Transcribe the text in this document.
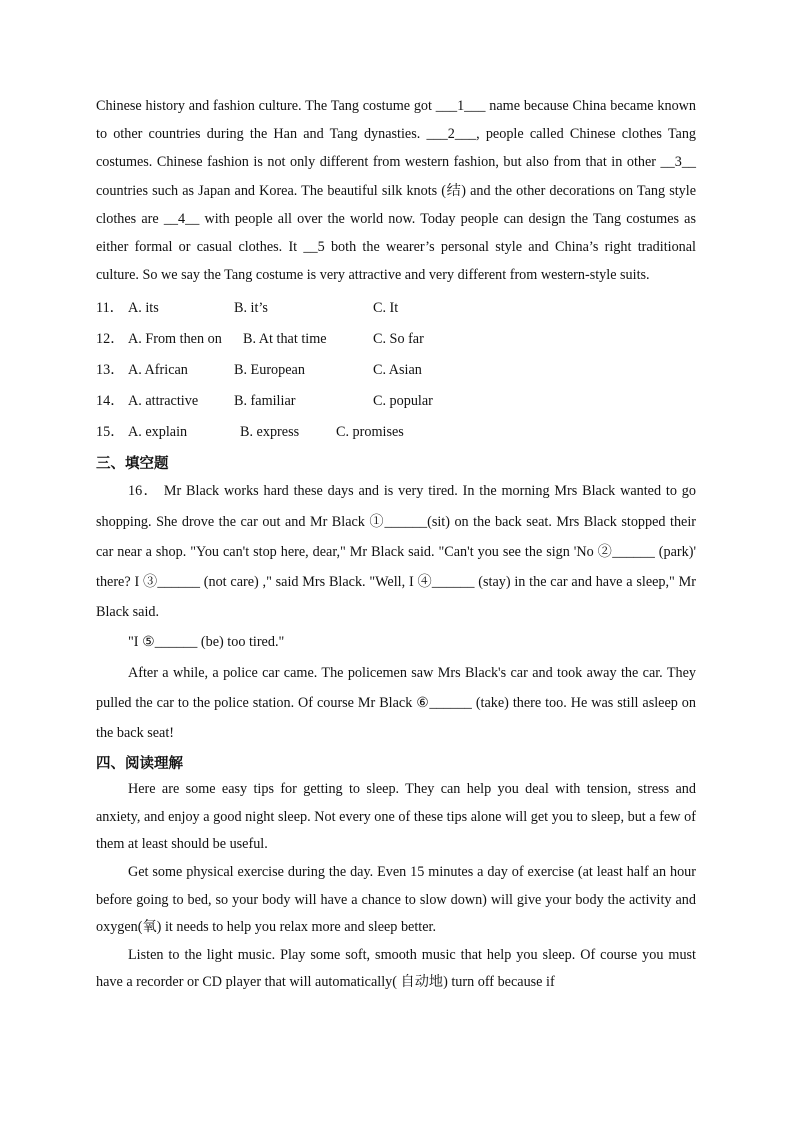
Chinese history and fashion culture. The Tang costume got ___1___ name because China became known to other countries during the Han and Tang dynasties. ___2___, people called Chinese clothes Tang costumes. Chinese fashion is not only different from western fashion, but also from that in other __3__ countries such as Japan and Korea. The beautiful silk knots (结) and the other decorations on Tang style clothes are __4__ with people all over the world now. Today people can design the Tang costumes as either formal or casual clothes. It __5 both the wearer’s personal style and China’s right traditional culture. So we say the Tang costume is very attractive and very different from western-style suits.

11． A. its	B. it’s	C. It
12． A. From then on B. At that time	C. So far
13． A. African	B. European	C. Asian
14． A. attractive	B. familiar	C. popular
15． A. explain	B. express	C. promises
三、填空题

16． Mr Black works hard these days and is very tired. In the morning Mrs Black wanted to go shopping. She drove the car out and Mr Black ①______(sit) on the back seat. Mrs Black stopped their car near a shop. "You can't stop here, dear," Mr Black said. "Can't you see the sign 'No ②______ (park)' there? I ③______ (not care) ," said Mrs Black. "Well, I ④______ (stay) in the car and have a sleep," Mr Black said.

"I ⑤______ (be) too tired."

After a while, a police car came. The policemen saw Mrs Black's car and took away the car. They pulled the car to the police station. Of course Mr Black ⑥______ (take) there too. He was still asleep on the back seat!

四、阅读理解

Here are some easy tips for getting to sleep. They can help you deal with tension, stress and anxiety, and enjoy a good night sleep. Not every one of these tips alone will get you to sleep, but a few of them at least should be useful.

Get some physical exercise during the day. Even 15 minutes a day of exercise (at least half an hour before going to bed, so your body will have a chance to slow down) will give your body the activity and oxygen(氧) it needs to help you relax more and sleep better.

Listen to the light music. Play some soft, smooth music that help you sleep. Of course you must have a recorder or CD player that will automatically( 自动地) turn off because if
